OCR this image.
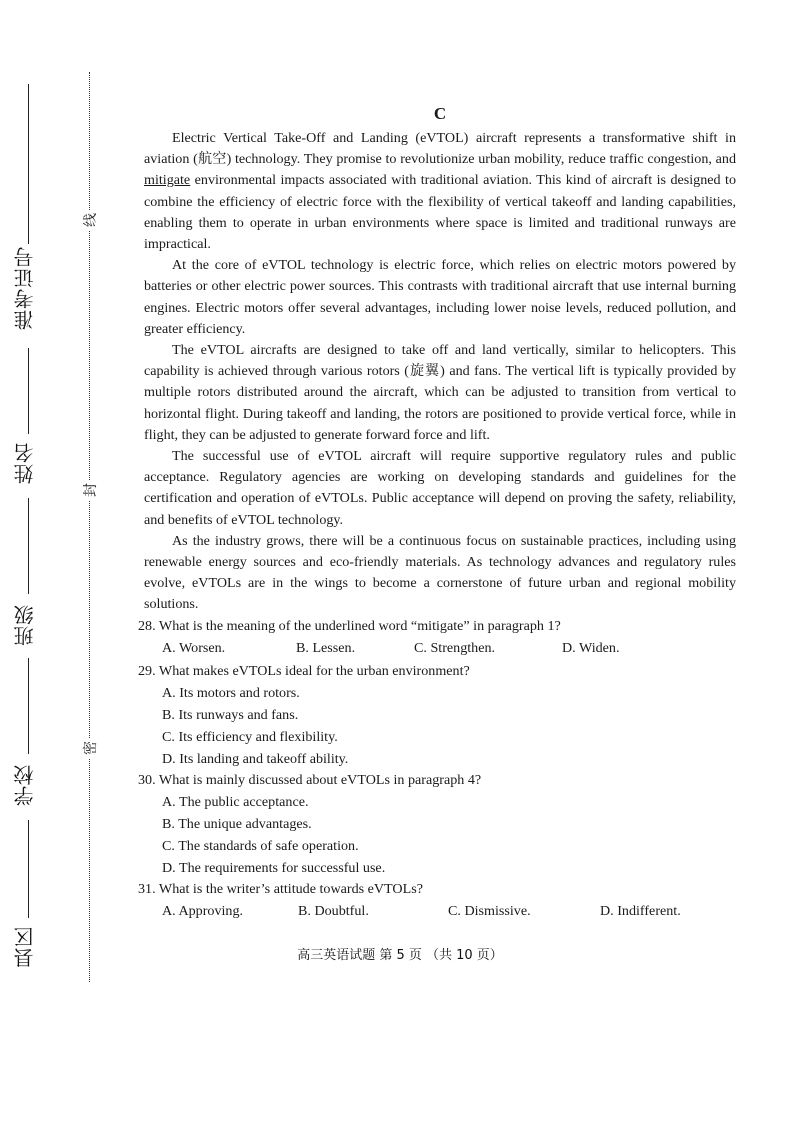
准考证号
姓名
班级
学校
县区
线
封
密
C

Electric Vertical Take-Off and Landing (eVTOL) aircraft represents a transformative shift in aviation (航空) technology. They promise to revolutionize urban mobility, reduce traffic congestion, and mitigate environmental impacts associated with traditional aviation. This kind of aircraft is designed to combine the efficiency of electric force with the flexibility of vertical takeoff and landing capabilities, enabling them to operate in urban environments where space is limited and traditional runways are impractical.

At the core of eVTOL technology is electric force, which relies on electric motors powered by batteries or other electric power sources. This contrasts with traditional aircraft that use internal burning engines. Electric motors offer several advantages, including lower noise levels, reduced pollution, and greater efficiency.

The eVTOL aircrafts are designed to take off and land vertically, similar to helicopters. This capability is achieved through various rotors (旋翼) and fans. The vertical lift is typically provided by multiple rotors distributed around the aircraft, which can be adjusted to transition from vertical to horizontal flight. During takeoff and landing, the rotors are positioned to provide vertical force, while in flight, they can be adjusted to generate forward force and lift.

The successful use of eVTOL aircraft will require supportive regulatory rules and public acceptance. Regulatory agencies are working on developing standards and guidelines for the certification and operation of eVTOLs. Public acceptance will depend on proving the safety, reliability, and benefits of eVTOL technology.

As the industry grows, there will be a continuous focus on sustainable practices, including using renewable energy sources and eco-friendly materials. As technology advances and regulatory rules evolve, eVTOLs are in the wings to become a cornerstone of future urban and regional mobility solutions.

28. What is the meaning of the underlined word “mitigate” in paragraph 1?

A. Worsen.	B. Lessen.	C. Strengthen.	D. Widen.

29. What makes eVTOLs ideal for the urban environment?

A. Its motors and rotors.
B. Its runways and fans.
C. Its efficiency and flexibility.
D. Its landing and takeoff ability.

30. What is mainly discussed about eVTOLs in paragraph 4?

A. The public acceptance.
B. The unique advantages.
C. The standards of safe operation.
D. The requirements for successful use.

31. What is the writer’s attitude towards eVTOLs?

A. Approving.	B. Doubtful.	C. Dismissive.	D. Indifferent.
高三英语试题 第 5 页 （共 10 页）
